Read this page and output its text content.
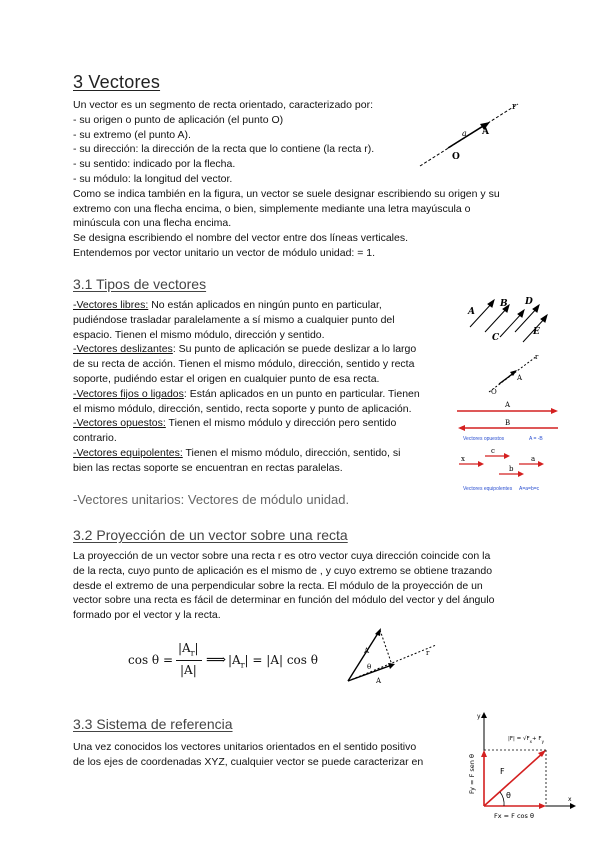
3 Vectores
Un vector es un segmento de recta orientado, caracterizado por:
- su origen o punto de aplicación (el punto O)
- su extremo (el punto A).
- su dirección: la dirección de la recta que lo contiene (la recta r).
- su sentido: indicado por la flecha.
- su módulo: la longitud del vector.
Como se indica también en la figura, un vector se suele designar escribiendo su origen y su
extremo con una flecha encima, o bien, simplemente mediante una letra mayúscula o
minúscula con una flecha encima.
Se designa escribiendo el nombre del vector entre dos líneas verticales.
Entendemos por vector unitario un vector de módulo unidad: = 1.
r
a A
O
3.1 Tipos de vectores
-Vectores libres: No están aplicados en ningún punto en particular,
pudiéndose trasladar paralelamente a sí mismo a cualquier punto del
espacio. Tienen el mismo módulo, dirección y sentido.
-Vectores deslizantes: Su punto de aplicación se puede deslizar a lo largo
de su recta de acción. Tienen el mismo módulo, dirección, sentido y recta
soporte, pudiéndo estar el origen en cualquier punto de esa recta.
-Vectores fijos o ligados: Están aplicados en un punto en particular. Tienen
el mismo módulo, dirección, sentido, recta soporte y punto de aplicación.
-Vectores opuestos: Tienen el mismo módulo y dirección pero sentido
contrario.
-Vectores equipolentes: Tienen el mismo módulo, dirección, sentido, si
bien las rectas soporte se encuentran en rectas paralelas.
-Vectores unitarios: Vectores de módulo unidad.
A
B
C
D
E
r
A
O
A
B
Vectores opuestos	A = -B
x
c
a
b
Vectores equipolentes A=a=b=c
3.2 Proyección de un vector sobre una recta
La proyección de un vector sobre una recta r es otro vector cuya dirección coincide con la
de la recta, cuyo punto de aplicación es el mismo de , y cuyo extremo se obtiene trazando
desde el extremo de una perpendicular sobre la recta. El módulo de la proyección de un
vector sobre una recta es fácil de determinar en función del módulo del vector y del ángulo
formado por el vector y la recta.
cos θ =
$|A_r|$
|A|
⟹ $|A_r| = |A|$ cos θ
A
θ
r
A
3.3 Sistema de referencia
Una vez conocidos los vectores unitarios orientados en el sentido positivo
de los ejes de coordenadas XYZ, cualquier vector se puede caracterizar en
x
y
θ
F
Fy = F sen θ
Fx = F cos θ
$|F| = √F_x+ F_y$
